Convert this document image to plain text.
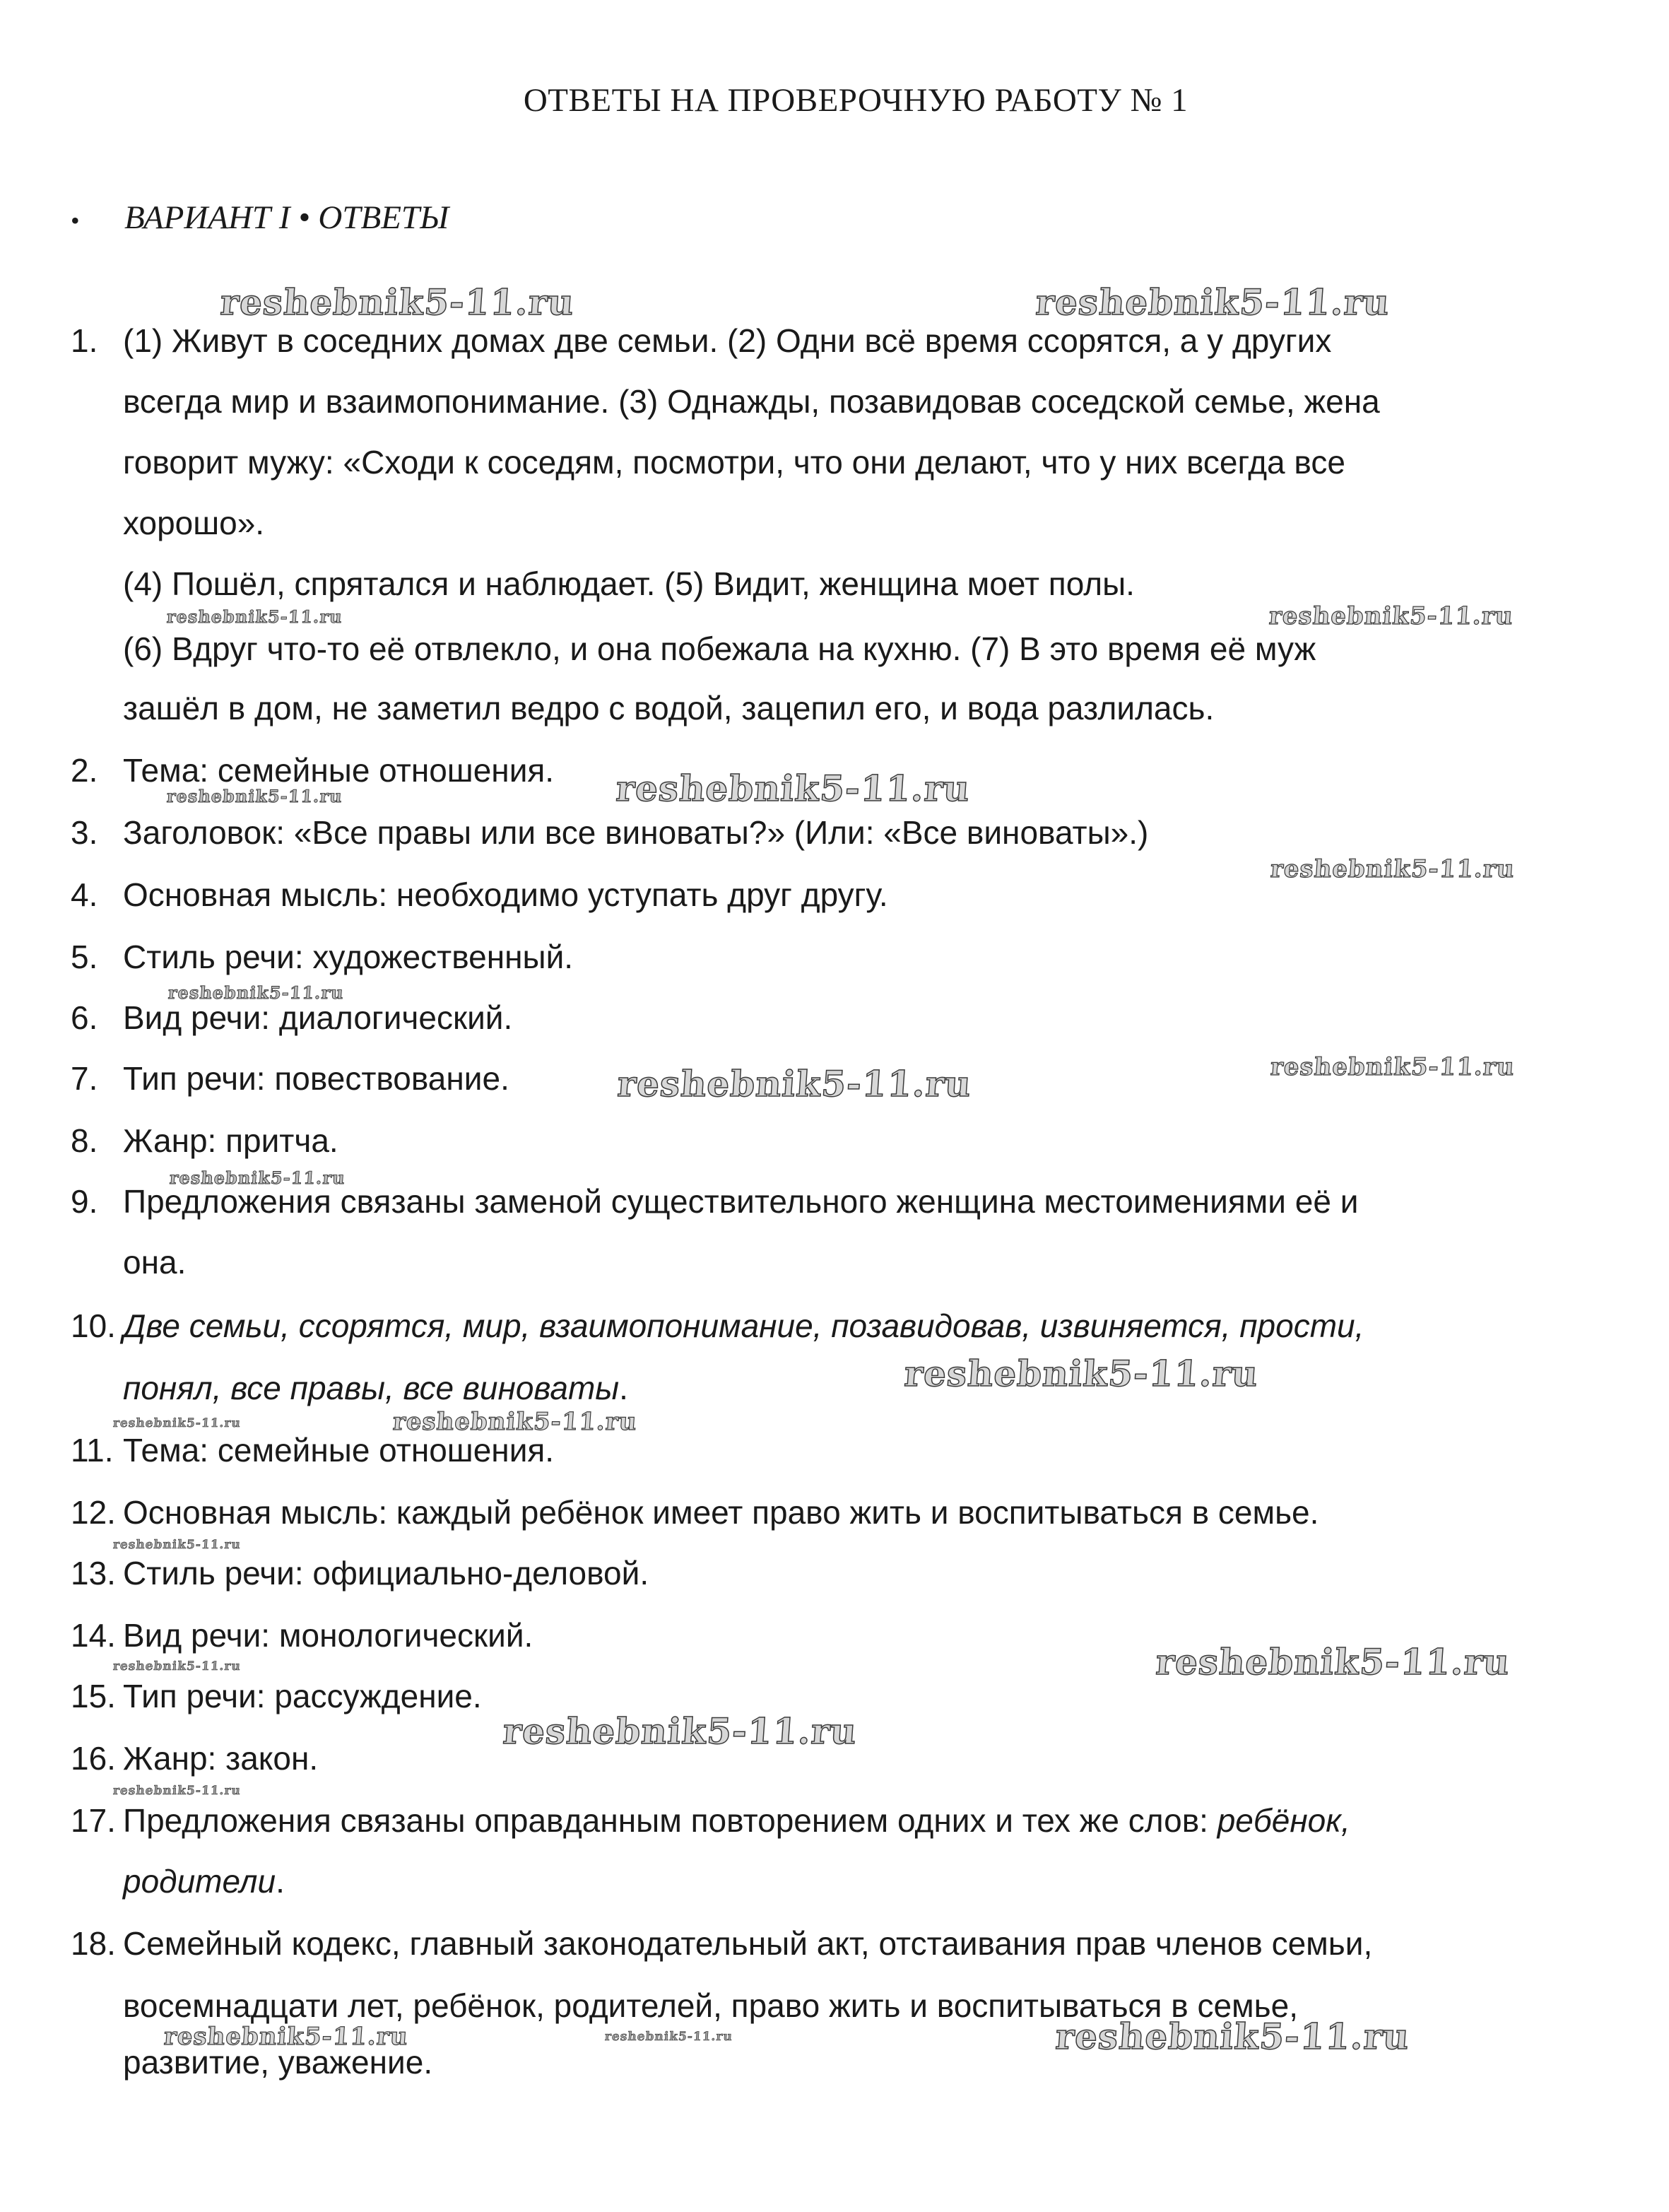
ОТВЕТЫ НА ПРОВЕРОЧНУЮ РАБОТУ № 1
• ВАРИАНТ I • ОТВЕТЫ
1. (1) Живут в соседних домах две семьи. (2) Одни всё время ссорятся, а у других
всегда мир и взаимопонимание. (3) Однажды, позавидовав соседской семье, жена
говорит мужу: «Сходи к соседям, посмотри, что они делают, что у них всегда все
хорошо».
(4) Пошёл, спрятался и наблюдает. (5) Видит, женщина моет полы.
(6) Вдруг что-то её отвлекло, и она побежала на кухню. (7) В это время её муж
зашёл в дом, не заметил ведро с водой, зацепил его, и вода разлилась.
2. Тема: семейные отношения.
3. Заголовок: «Все правы или все виноваты?» (Или: «Все виноваты».)
4. Основная мысль: необходимо уступать друг другу.
5. Стиль речи: художественный.
6. Вид речи: диалогический.
7. Тип речи: повествование.
8. Жанр: притча.
9. Предложения связаны заменой существительного женщина местоимениями её и
она.
10. Две семьи, ссорятся, мир, взаимопонимание, позавидовав, извиняется, прости,
понял, все правы, все виноваты.
11. Тема: семейные отношения.
12. Основная мысль: каждый ребёнок имеет право жить и воспитываться в семье.
13. Стиль речи: официально-деловой.
14. Вид речи: монологический.
15. Тип речи: рассуждение.
16. Жанр: закон.
17. Предложения связаны оправданным повторением одних и тех же слов: ребёнок,
родители.
18. Семейный кодекс, главный законодательный акт, отстаивания прав членов семьи,
восемнадцати лет, ребёнок, родителей, право жить и воспитываться в семье,
развитие, уважение.
reshebnik5-11.ru	reshebnik5-11.ru
reshebnik5-11.ru	reshebnik5-11.ru
reshebnik5-11.ru	reshebnik5-11.ru
reshebnik5-11.ru
reshebnik5-11.ru
reshebnik5-11.ru
reshebnik5-11.ru
reshebnik5-11.ru
reshebnik5-11.ru
reshebnik5-11.ru	reshebnik5-11.ru
reshebnik5-11.ru
reshebnik5-11.ru
reshebnik5-11.ru
reshebnik5-11.ru
reshebnik5-11.ru
reshebnik5-11.ru	reshebnik5-11.ru	reshebnik5-11.ru
